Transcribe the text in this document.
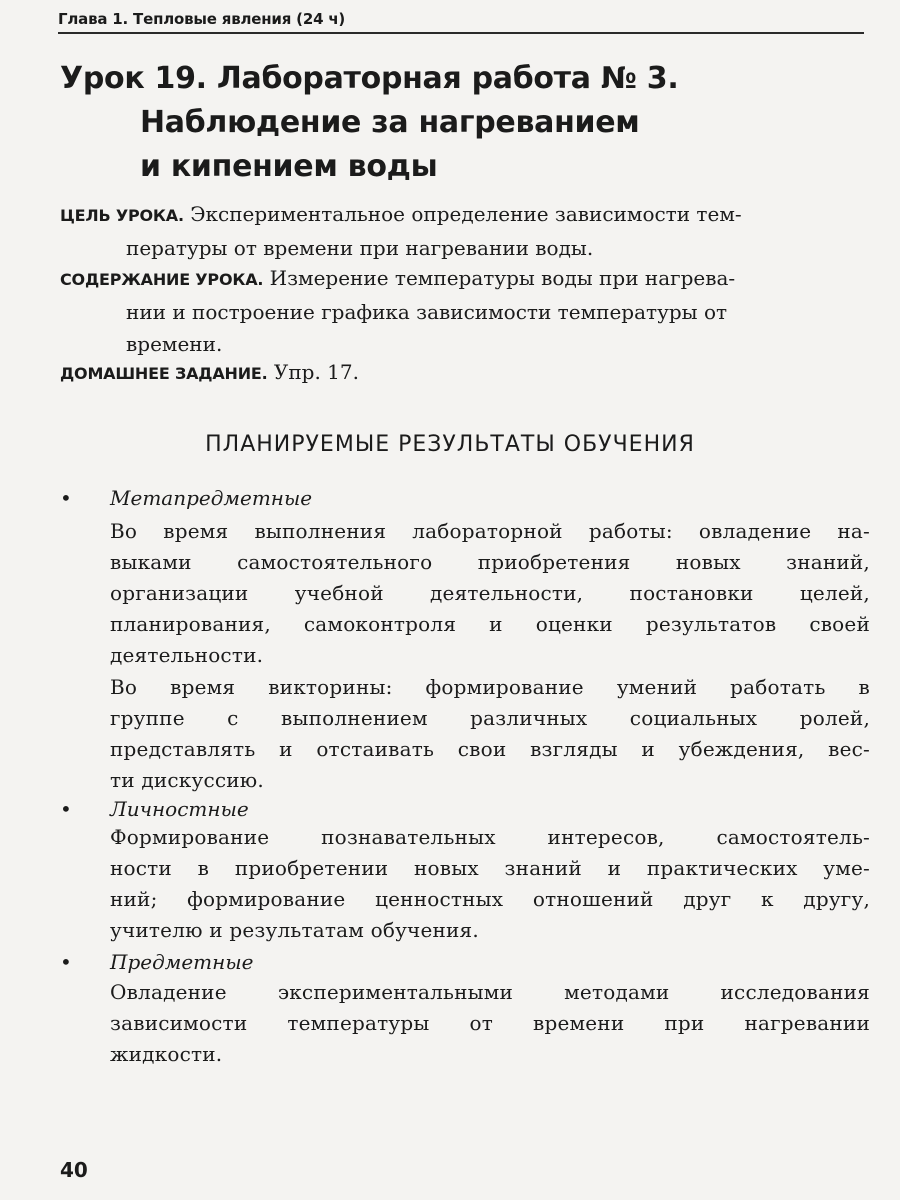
Глава 1. Тепловые явления (24 ч)
Урок 19. Лабораторная работа № 3.
Наблюдение за нагреванием
и кипением воды
ЦЕЛЬ УРОКА. Экспериментальное определение зависимости тем-
пературы от времени при нагревании воды.
СОДЕРЖАНИЕ УРОКА. Измерение температуры воды при нагрева-
нии и построение графика зависимости температуры от
времени.
ДОМАШНЕЕ ЗАДАНИЕ. Упр. 17.
ПЛАНИРУЕМЫЕ РЕЗУЛЬТАТЫ ОБУЧЕНИЯ
• Метапредметные
Во время выполнения лабораторной работы: овладение на-
выками самостоятельного приобретения новых знаний,
организации учебной деятельности, постановки целей,
планирования, самоконтроля и оценки результатов своей
деятельности.
Во время викторины: формирование умений работать в
группе с выполнением различных социальных ролей,
представлять и отстаивать свои взгляды и убеждения, вес-
ти дискуссию.
• Личностные
Формирование познавательных интересов, самостоятель-
ности в приобретении новых знаний и практических уме-
ний; формирование ценностных отношений друг к другу,
учителю и результатам обучения.
• Предметные
Овладение экспериментальными методами исследования
зависимости температуры от времени при нагревании
жидкости.
40
